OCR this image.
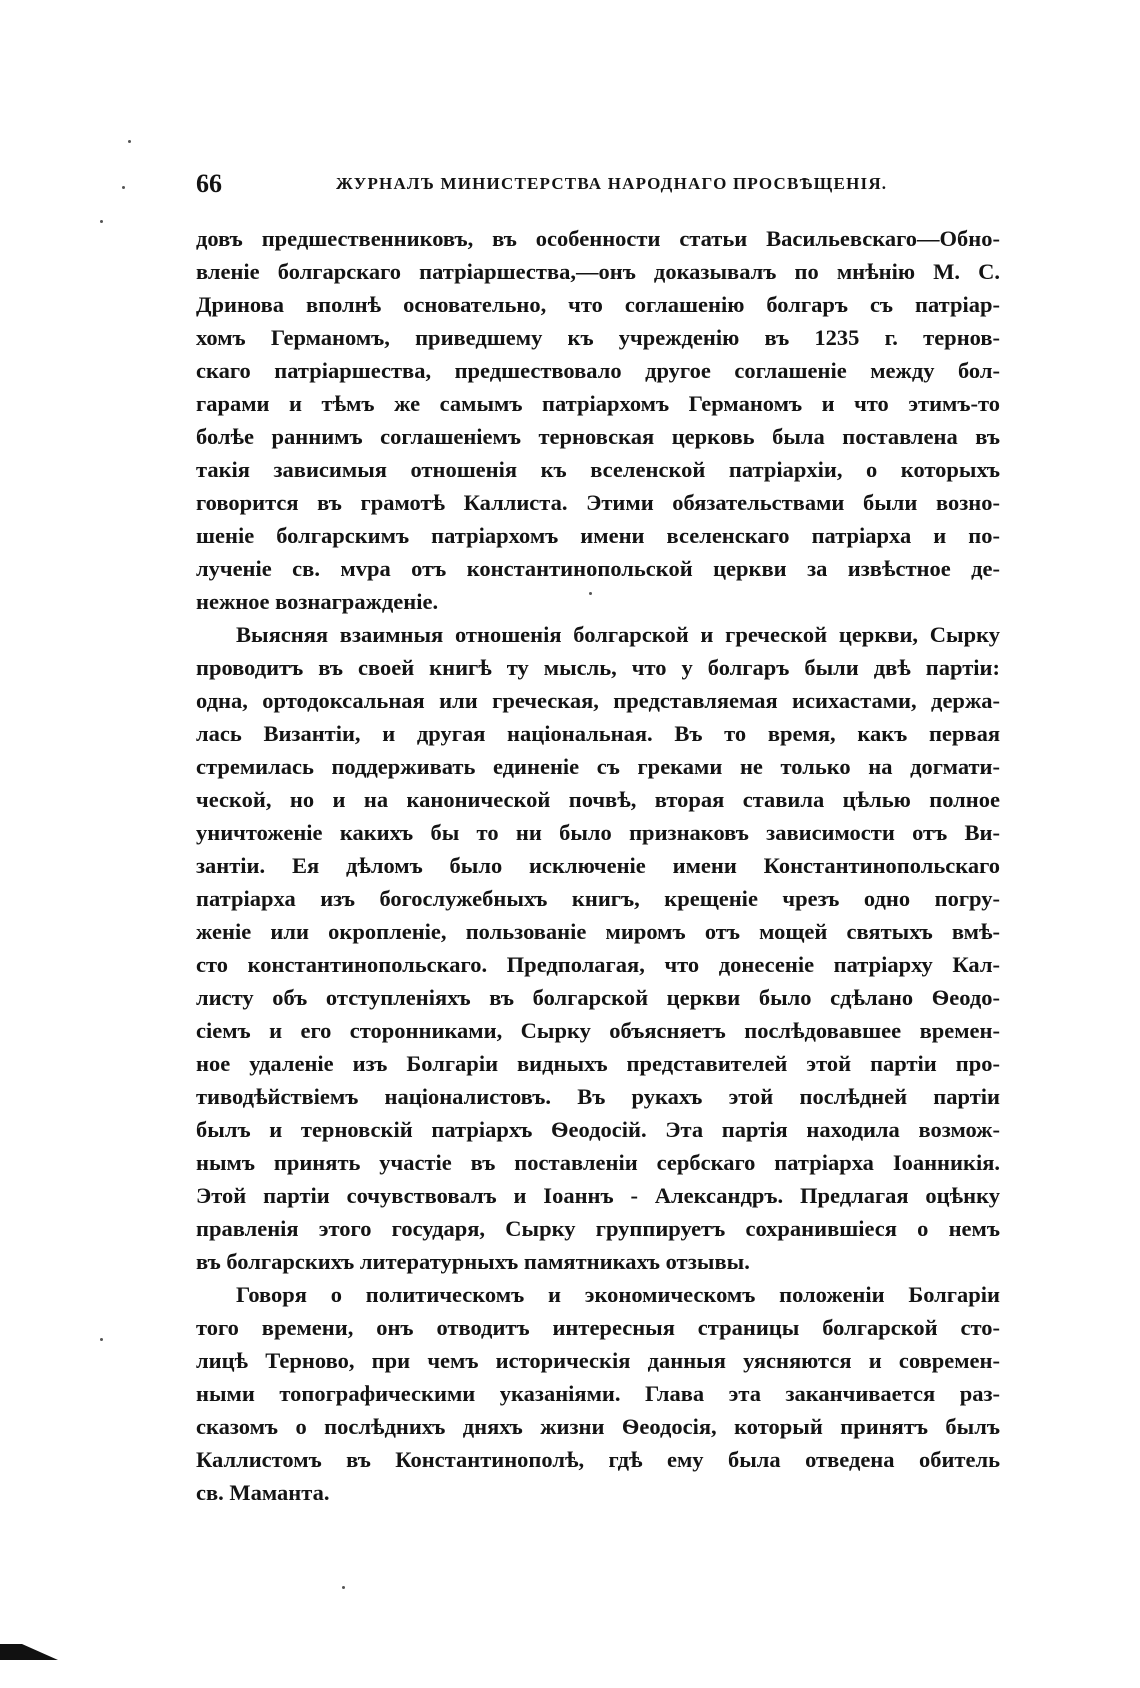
66	ЖУРНАЛЪ МИНИСТЕРСТВА НАРОДНАГО ПРОСВѢЩЕНІЯ.
довъ предшественниковъ, въ особенности статьи Васильевскаго—Обно-
вленіе болгарскаго патріаршества,—онъ доказывалъ по мнѣнію М. С.
Дринова вполнѣ основательно, что соглашенію болгаръ съ патріар-
хомъ Германомъ, приведшему къ учрежденію въ 1235 г. тернов-
скаго патріаршества, предшествовало другое соглашеніе между бол-
гарами и тѣмъ же самымъ патріархомъ Германомъ и что этимъ-то
болѣе раннимъ соглашеніемъ терновская церковь была поставлена въ
такія зависимыя отношенія къ вселенской патріархіи, о которыхъ
говорится въ грамотѣ Каллиста. Этими обязательствами были возно-
шеніе болгарскимъ патріархомъ имени вселенскаго патріарха и по-
лученіе св. мvра отъ константинопольской церкви за извѣстное де-
нежное вознагражденіе.
Выясняя взаимныя отношенія болгарской и греческой церкви, Сырку
проводитъ въ своей книгѣ ту мысль, что у болгаръ были двѣ партіи:
одна, ортодоксальная или греческая, представляемая исихастами, держа-
лась Византіи, и другая національная. Въ то время, какъ первая
стремилась поддерживать единеніе съ греками не только на догмати-
ческой, но и на канонической почвѣ, вторая ставила цѣлью полное
уничтоженіе какихъ бы то ни было признаковъ зависимости отъ Ви-
зантіи. Ея дѣломъ было исключеніе имени Константинопольскаго
патріарха изъ богослужебныхъ книгъ, крещеніе чрезъ одно погру-
женіе или окропленіе, пользованіе миромъ отъ мощей святыхъ вмѣ-
сто константинопольскаго. Предполагая, что донесеніе патріарху Кал-
листу объ отступленіяхъ въ болгарской церкви было сдѣлано Ѳеодо-
сіемъ и его сторонниками, Сырку объясняетъ послѣдовавшее времен-
ное удаленіе изъ Болгаріи видныхъ представителей этой партіи про-
тиводѣйствіемъ націоналистовъ. Въ рукахъ этой послѣдней партіи
былъ и терновскій патріархъ Ѳеодосій. Эта партія находила возмож-
нымъ принять участіе въ поставленіи сербскаго патріарха Іоанникія.
Этой партіи сочувствовалъ и Іоаннъ - Александръ. Предлагая оцѣнку
правленія этого государя, Сырку группируетъ сохранившіеся о немъ
въ болгарскихъ литературныхъ памятникахъ отзывы.
Говоря о политическомъ и экономическомъ положеніи Болгаріи
того времени, онъ отводитъ интересныя страницы болгарской сто-
лицѣ Терново, при чемъ историческія данныя уясняются и современ-
ными топографическими указаніями. Глава эта заканчивается раз-
сказомъ о послѣднихъ дняхъ жизни Ѳеодосія, который принятъ былъ
Каллистомъ въ Константинополѣ, гдѣ ему была отведена обитель
св. Маманта.
